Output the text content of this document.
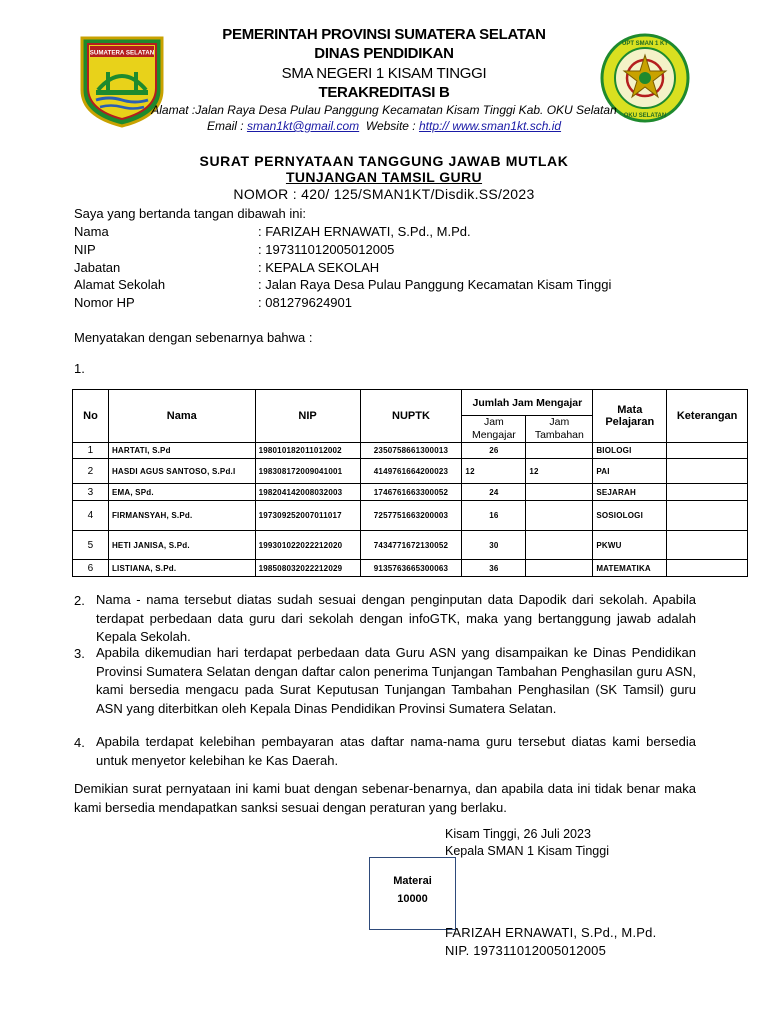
SUMATERA SELATAN
UPT SMAN 1 KT
OKU SELATAN
PEMERINTAH PROVINSI SUMATERA SELATAN
DINAS PENDIDIKAN
SMA NEGERI 1 KISAM TINGGI
TERAKREDITASI B
Alamat :Jalan Raya Desa Pulau Panggung Kecamatan Kisam Tinggi Kab. OKU Selatan
Email : sman1kt@gmail.com  Website : http:// www.sman1kt.sch.id
SURAT PERNYATAAN TANGGUNG JAWAB MUTLAK
TUNJANGAN TAMSIL GURU
NOMOR : 420/ 125/SMAN1KT/Disdik.SS/2023
Saya yang bertanda tangan dibawah ini:
Nama	: FARIZAH ERNAWATI, S.Pd., M.Pd.
NIP	: 197311012005012005
Jabatan	: KEPALA SEKOLAH
Alamat Sekolah	: Jalan Raya Desa Pulau Panggung Kecamatan Kisam Tinggi
Nomor HP	: 081279624901
Menyatakan dengan sebenarnya bahwa :
1.
No	Nama	NIP	NUPTK	Jumlah Jam Mengajar		Mata Pelajaran	Keterangan
				Jam Mengajar	Jam Tambahan		
1	HARTATI, S.Pd	198010182011012002	2350758661300013	26		BIOLOGI	
2	HASDI AGUS SANTOSO, S.Pd.I	198308172009041001	4149761664200023	12	12	PAI	
3	EMA, SPd.	198204142008032003	1746761663300052	24		SEJARAH	
4	FIRMANSYAH, S.Pd.	197309252007011017	7257751663200003	16		SOSIOLOGI	
5	HETI JANISA, S.Pd.	199301022022212020	7434771672130052	30		PKWU	
6	LISTIANA, S.Pd.	198508032022212029	9135763665300063	36		MATEMATIKA	
2. Nama - nama tersebut diatas sudah sesuai dengan penginputan data Dapodik dari sekolah. Apabila terdapat perbedaan data guru dari sekolah dengan infoGTK, maka yang bertanggung jawab adalah Kepala Sekolah.
3. Apabila dikemudian hari terdapat perbedaan data Guru ASN yang disampaikan ke Dinas Pendidikan Provinsi Sumatera Selatan dengan daftar calon penerima Tunjangan Tambahan Penghasilan guru ASN, kami bersedia mengacu pada Surat Keputusan Tunjangan Tambahan Penghasilan (SK Tamsil) guru ASN yang diterbitkan oleh Kepala Dinas Pendidikan Provinsi Sumatera Selatan.
4. Apabila terdapat kelebihan pembayaran atas daftar nama-nama guru tersebut diatas kami bersedia untuk menyetor kelebihan ke Kas Daerah.
Demikian surat pernyataan ini kami buat dengan sebenar-benarnya, dan apabila data ini tidak benar maka kami bersedia mendapatkan sanksi sesuai dengan peraturan yang berlaku.
Kisam Tinggi, 26 Juli 2023
Kepala SMAN 1 Kisam Tinggi
Materai
10000
FARIZAH ERNAWATI, S.Pd., M.Pd.
NIP. 197311012005012005
